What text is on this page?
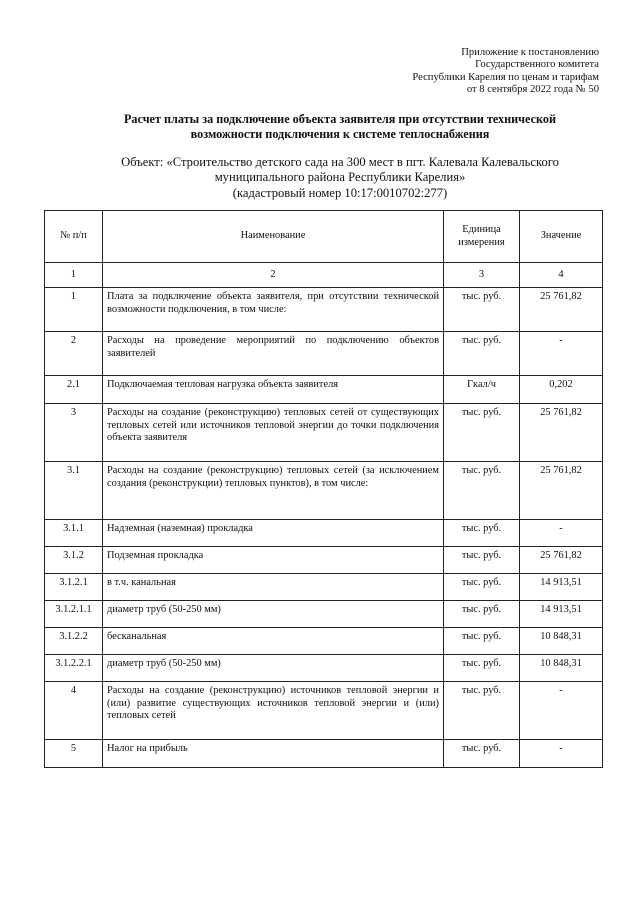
Приложение к постановлению
Государственного комитета
Республики Карелия по ценам и тарифам
от 8 сентября 2022 года № 50
Расчет платы за подключение объекта заявителя при отсутствии технической
возможности подключения к системе теплоснабжения
Объект: «Строительство детского сада на 300 мест в пгт. Калевала Калевальского
муниципального района Республики Карелия»
(кадастровый номер 10:17:0010702:277)
№ п/п	Наименование	Единица измерения	Значение
1	2	3	4
1	Плата за подключение объекта заявителя, при отсутствии технической возможности подключения, в том числе:	тыс. руб.	25 761,82
2	Расходы на проведение мероприятий по подключению объектов заявителей	тыс. руб.	-
2.1	Подключаемая тепловая нагрузка объекта заявителя	Гкал/ч	0,202
3	Расходы на создание (реконструкцию) тепловых сетей от существующих тепловых сетей или источников тепловой энергии до точки подключения объекта заявителя	тыс. руб.	25 761,82
3.1	Расходы на создание (реконструкцию) тепловых сетей (за исключением создания (реконструкции) тепловых пунктов), в том числе:	тыс. руб.	25 761,82
3.1.1	Надземная (наземная) прокладка	тыс. руб.	-
3.1.2	Подземная прокладка	тыс. руб.	25 761,82
3.1.2.1	в т.ч. канальная	тыс. руб.	14 913,51
3.1.2.1.1	диаметр труб (50-250 мм)	тыс. руб.	14 913,51
3.1.2.2	бесканальная	тыс. руб.	10 848,31
3.1.2.2.1	диаметр труб (50-250 мм)	тыс. руб.	10 848,31
4	Расходы на создание (реконструкцию) источников тепловой энергии и (или) развитие существующих источников тепловой энергии и (или) тепловых сетей	тыс. руб.	-
5	Налог на прибыль	тыс. руб.	-
